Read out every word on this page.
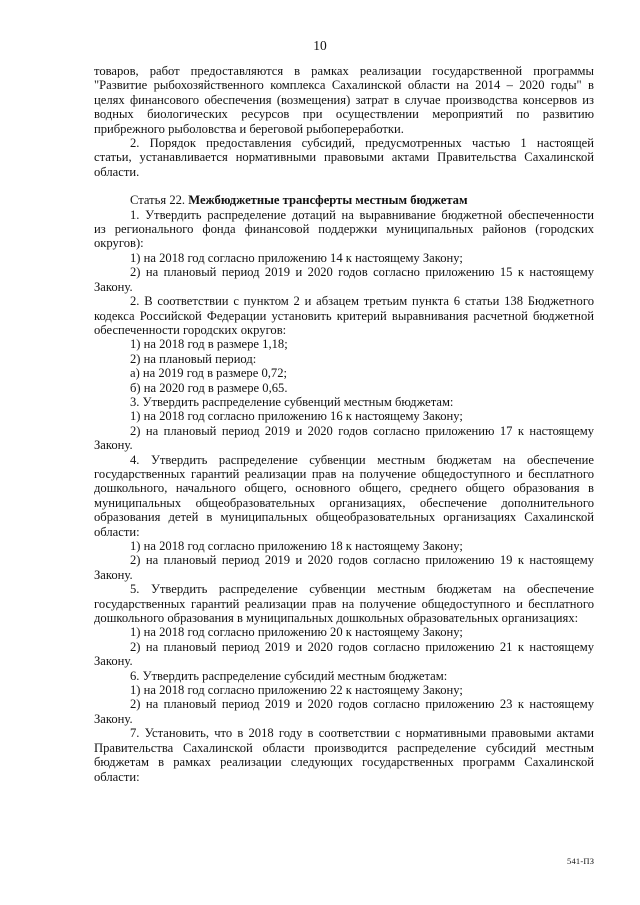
10

товаров, работ предоставляются в рамках реализации государственной программы

"Развитие рыбохозяйственного комплекса Сахалинской области на 2014 – 2020 годы" в

целях финансового обеспечения (возмещения) затрат в случае производства консервов из

водных биологических ресурсов при осуществлении мероприятий по развитию

прибрежного рыболовства и береговой рыбопереработки.

2. Порядок предоставления субсидий, предусмотренных частью 1 настоящей

статьи, устанавливается нормативными правовыми актами Правительства Сахалинской

области.

Статья 22. Межбюджетные трансферты местным бюджетам

1. Утвердить распределение дотаций на выравнивание бюджетной обеспеченности

из регионального фонда финансовой поддержки муниципальных районов (городских

округов):

1) на 2018 год согласно приложению 14 к настоящему Закону;

2) на плановый период 2019 и 2020 годов согласно приложению 15 к настоящему

Закону.

2. В соответствии с пунктом 2 и абзацем третьим пункта 6 статьи 138 Бюджетного

кодекса Российской Федерации установить критерий выравнивания расчетной бюджетной

обеспеченности городских округов:

1) на 2018 год в размере 1,18;

2) на плановый период:

а) на 2019 год в размере 0,72;

б) на 2020 год в размере 0,65.

3. Утвердить распределение субвенций местным бюджетам:

1) на 2018 год согласно приложению 16 к настоящему Закону;

2) на плановый период 2019 и 2020 годов согласно приложению 17 к настоящему

Закону.

4. Утвердить распределение субвенции местным бюджетам на обеспечение

государственных гарантий реализации прав на получение общедоступного и бесплатного

дошкольного, начального общего, основного общего, среднего общего образования в

муниципальных общеобразовательных организациях, обеспечение дополнительного

образования детей в муниципальных общеобразовательных организациях Сахалинской

области:

1) на 2018 год согласно приложению 18 к настоящему Закону;

2) на плановый период 2019 и 2020 годов согласно приложению 19 к настоящему

Закону.

5. Утвердить распределение субвенции местным бюджетам на обеспечение

государственных гарантий реализации прав на получение общедоступного и бесплатного

дошкольного образования в муниципальных дошкольных образовательных организациях:

1) на 2018 год согласно приложению 20 к настоящему Закону;

2) на плановый период 2019 и 2020 годов согласно приложению 21 к настоящему

Закону.

6. Утвердить распределение субсидий местным бюджетам:

1) на 2018 год согласно приложению 22 к настоящему Закону;

2) на плановый период 2019 и 2020 годов согласно приложению 23 к настоящему

Закону.

7. Установить, что в 2018 году в соответствии с нормативными правовыми актами

Правительства Сахалинской области производится распределение субсидий местным

бюджетам в рамках реализации следующих государственных программ Сахалинской

области:

541-ПЗ
